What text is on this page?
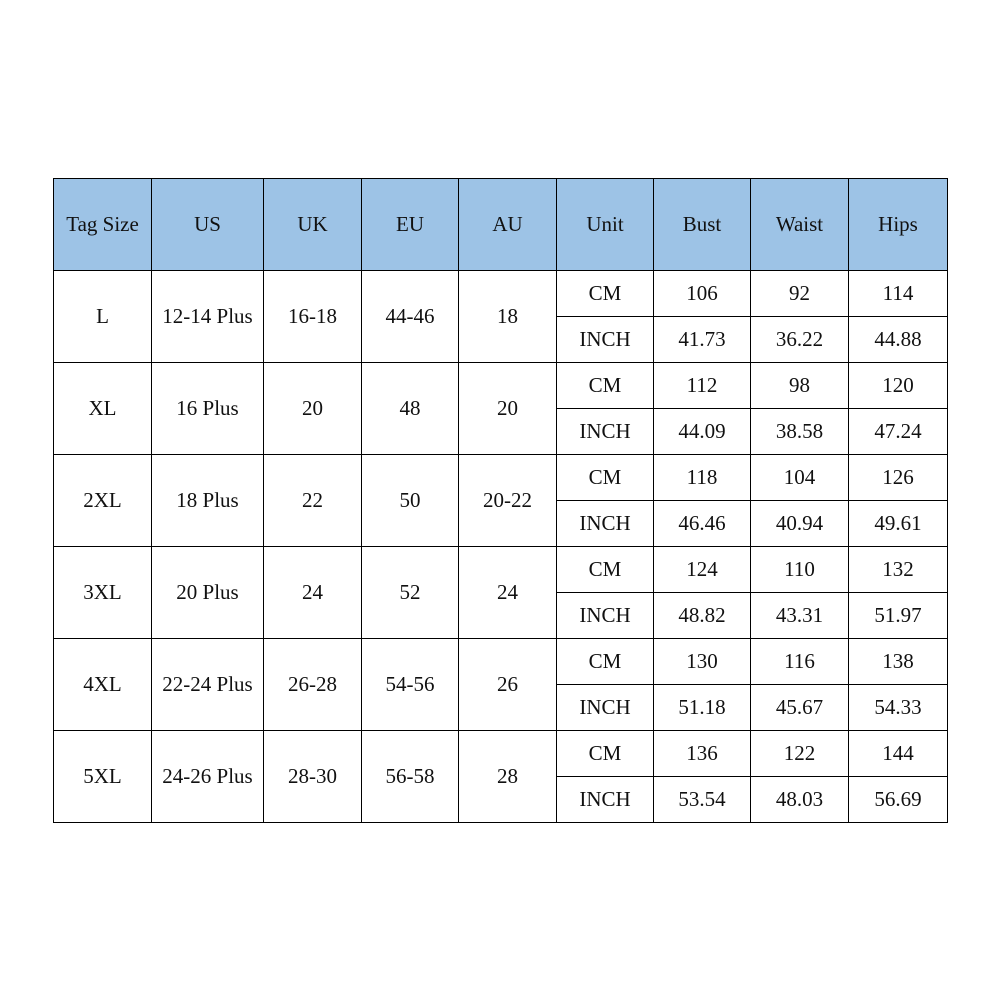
Tag Size	US	UK	EU	AU	Unit	Bust	Waist	Hips
L	12-14 Plus	16-18	44-46	18	CM	106	92	114
					INCH	41.73	36.22	44.88
XL	16 Plus	20	48	20	CM	112	98	120
					INCH	44.09	38.58	47.24
2XL	18 Plus	22	50	20-22	CM	118	104	126
					INCH	46.46	40.94	49.61
3XL	20 Plus	24	52	24	CM	124	110	132
					INCH	48.82	43.31	51.97
4XL	22-24 Plus	26-28	54-56	26	CM	130	116	138
					INCH	51.18	45.67	54.33
5XL	24-26 Plus	28-30	56-58	28	CM	136	122	144
					INCH	53.54	48.03	56.69
